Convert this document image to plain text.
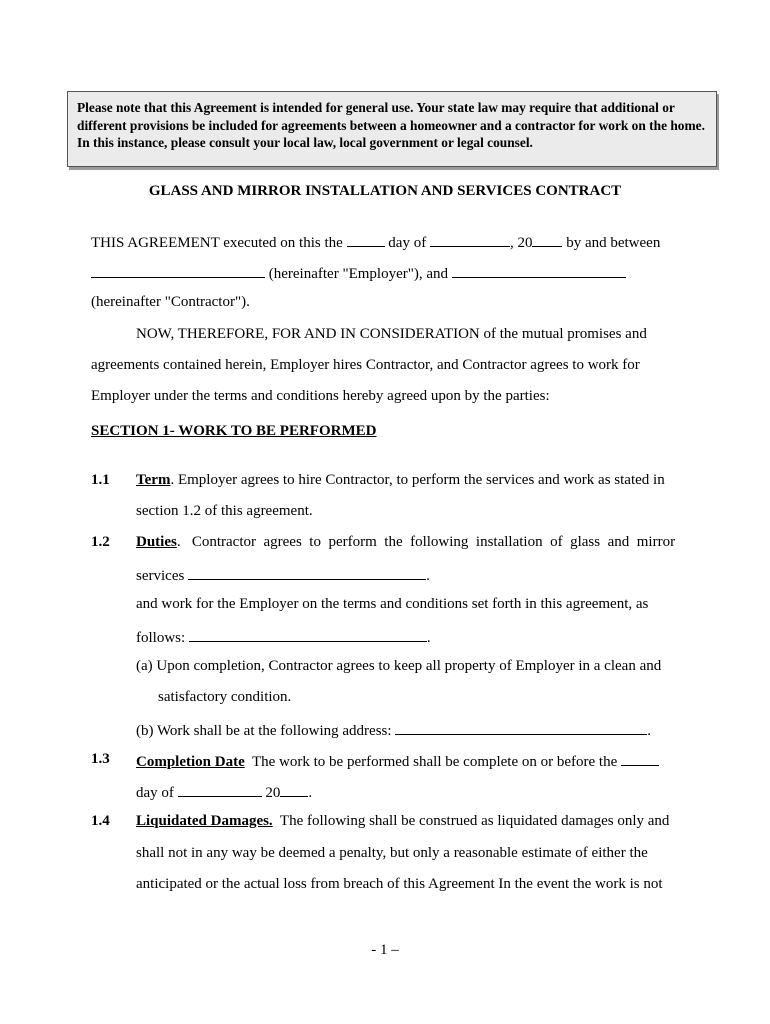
Please note that this Agreement is intended for general use. Your state law may require that additional or different provisions be included for agreements between a homeowner and a contractor for work on the home. In this instance, please consult your local law, local government or legal counsel.
GLASS AND MIRROR INSTALLATION AND SERVICES CONTRACT
THIS AGREEMENT executed on this the	day of	, 20 by and between
(hereinafter "Employer"), and
(hereinafter "Contractor").
NOW, THEREFORE, FOR AND IN CONSIDERATION of the mutual promises and
agreements contained herein, Employer hires Contractor, and Contractor agrees to work for
Employer under the terms and conditions hereby agreed upon by the parties:
SECTION 1- WORK TO BE PERFORMED
1.1 Term. Employer agrees to hire Contractor, to perform the services and work as stated in
section 1.2 of this agreement.
1.2 Duties.   Contractor  agrees  to  perform  the  following  installation  of  glass  and  mirror
services	.
and work for the Employer on the terms and conditions set forth in this agreement, as
follows:	.
(a) Upon completion, Contractor agrees to keep all property of Employer in a clean and
satisfactory condition.
(b) Work shall be at the following address:	.
1.3 Completion Date  The work to be performed shall be complete on or before the
day of	20 .
1.4 Liquidated Damages.  The following shall be construed as liquidated damages only and
shall not in any way be deemed a penalty, but only a reasonable estimate of either the
anticipated or the actual loss from breach of this Agreement In the event the work is not
- 1 –
